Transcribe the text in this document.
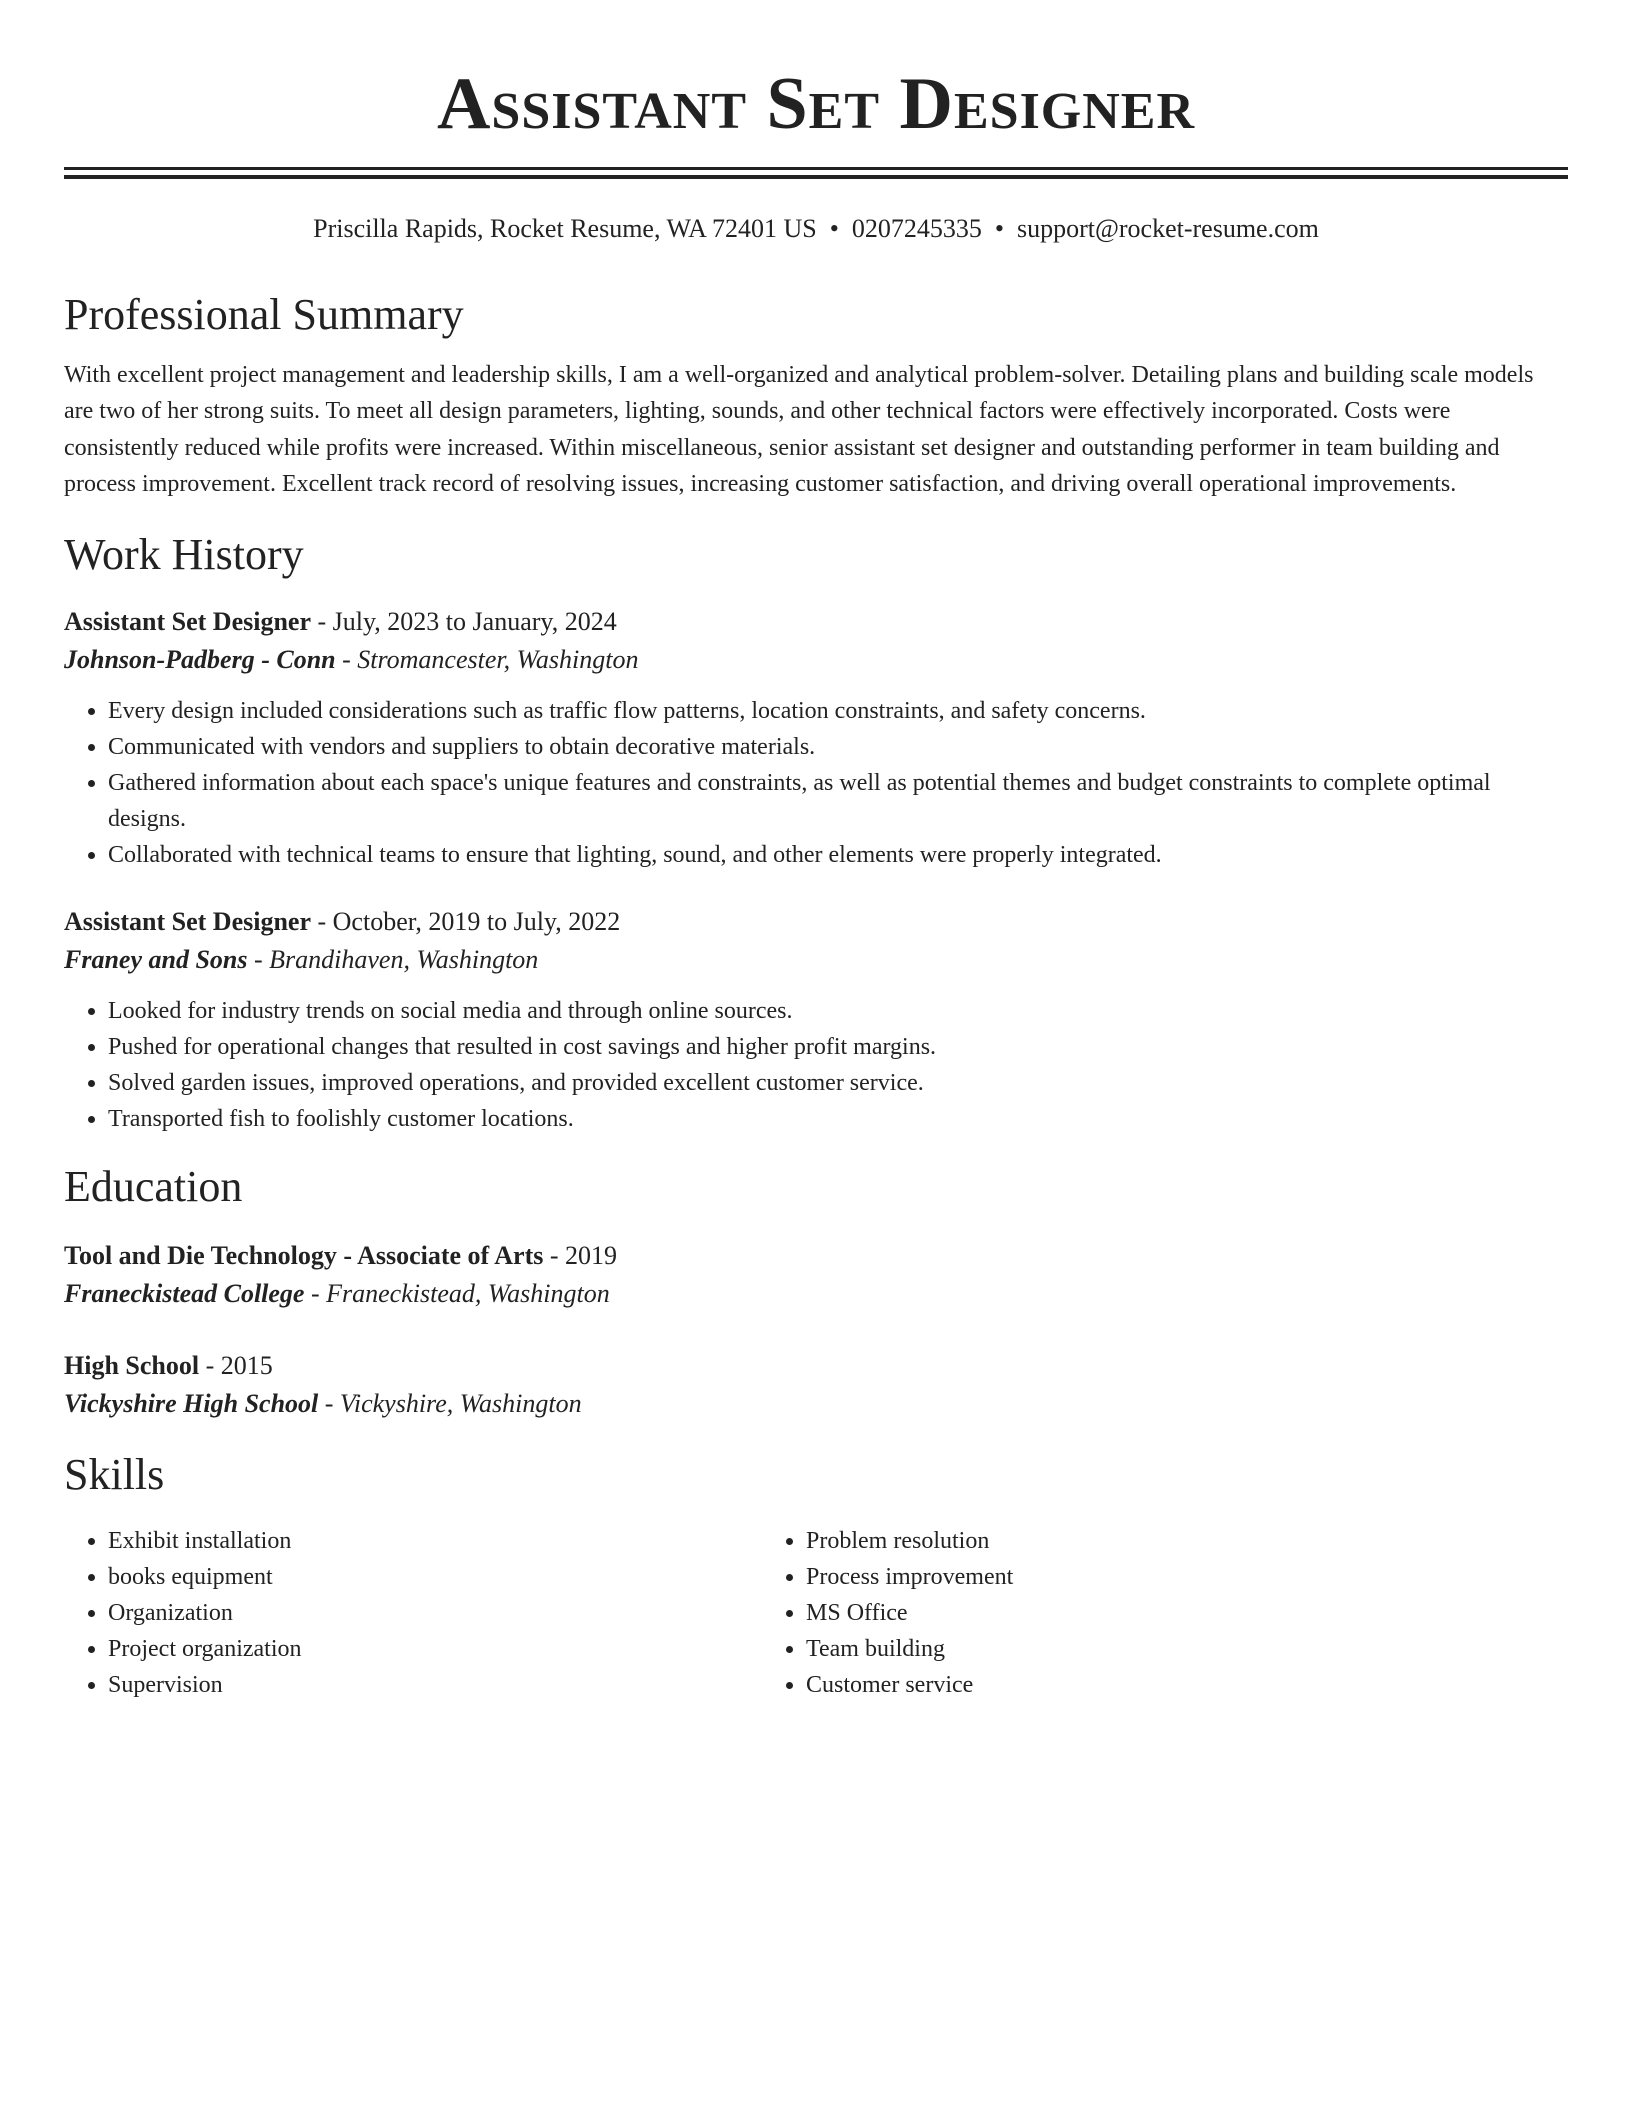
Assistant Set Designer
Priscilla Rapids, Rocket Resume, WA 72401 US • 0207245335 • support@rocket-resume.com
Professional Summary
With excellent project management and leadership skills, I am a well-organized and analytical problem-solver. Detailing plans and building scale models are two of her strong suits. To meet all design parameters, lighting, sounds, and other technical factors were effectively incorporated. Costs were consistently reduced while profits were increased. Within miscellaneous, senior assistant set designer and outstanding performer in team building and process improvement. Excellent track record of resolving issues, increasing customer satisfaction, and driving overall operational improvements.
Work History
Assistant Set Designer - July, 2023 to January, 2024
Johnson-Padberg - Conn - Stromancester, Washington
• Every design included considerations such as traffic flow patterns, location constraints, and safety concerns.
• Communicated with vendors and suppliers to obtain decorative materials.
• Gathered information about each space's unique features and constraints, as well as potential themes and budget constraints to complete optimal designs.
• Collaborated with technical teams to ensure that lighting, sound, and other elements were properly integrated.
Assistant Set Designer - October, 2019 to July, 2022
Franey and Sons - Brandihaven, Washington
• Looked for industry trends on social media and through online sources.
• Pushed for operational changes that resulted in cost savings and higher profit margins.
• Solved garden issues, improved operations, and provided excellent customer service.
• Transported fish to foolishly customer locations.
Education
Tool and Die Technology - Associate of Arts - 2019
Franeckistead College - Franeckistead, Washington
High School - 2015
Vickyshire High School - Vickyshire, Washington
Skills
• Exhibit installation
• books equipment
• Organization
• Project organization
• Supervision
• Problem resolution
• Process improvement
• MS Office
• Team building
• Customer service
